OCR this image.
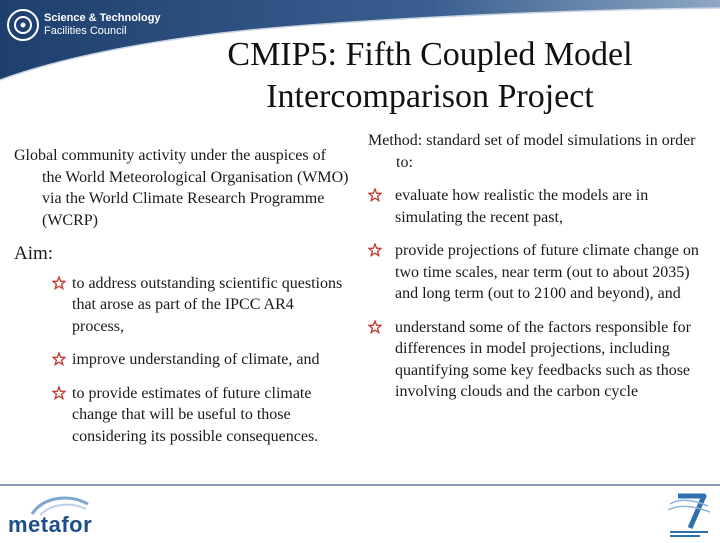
Science & Technology
Facilities Council
CMIP5: Fifth Coupled Model
Intercomparison Project

Global community activity under the auspices of the World Meteorological Organisation (WMO) via the World Climate Research Programme (WCRP)

Aim:
to address outstanding scientific questions that arose as part of the IPCC AR4 process,
improve understanding of climate, and
to provide estimates of future climate change that will be useful to those considering its possible consequences.

Method: standard set of model simulations in order to:

evaluate how realistic the models are in simulating the recent past,
provide projections of future climate change on two time scales, near term (out to about 2035) and long term (out to 2100 and beyond), and
understand some of the factors responsible for differences in model projections, including quantifying some key feedbacks such as those involving clouds and the carbon cycle
metafor
